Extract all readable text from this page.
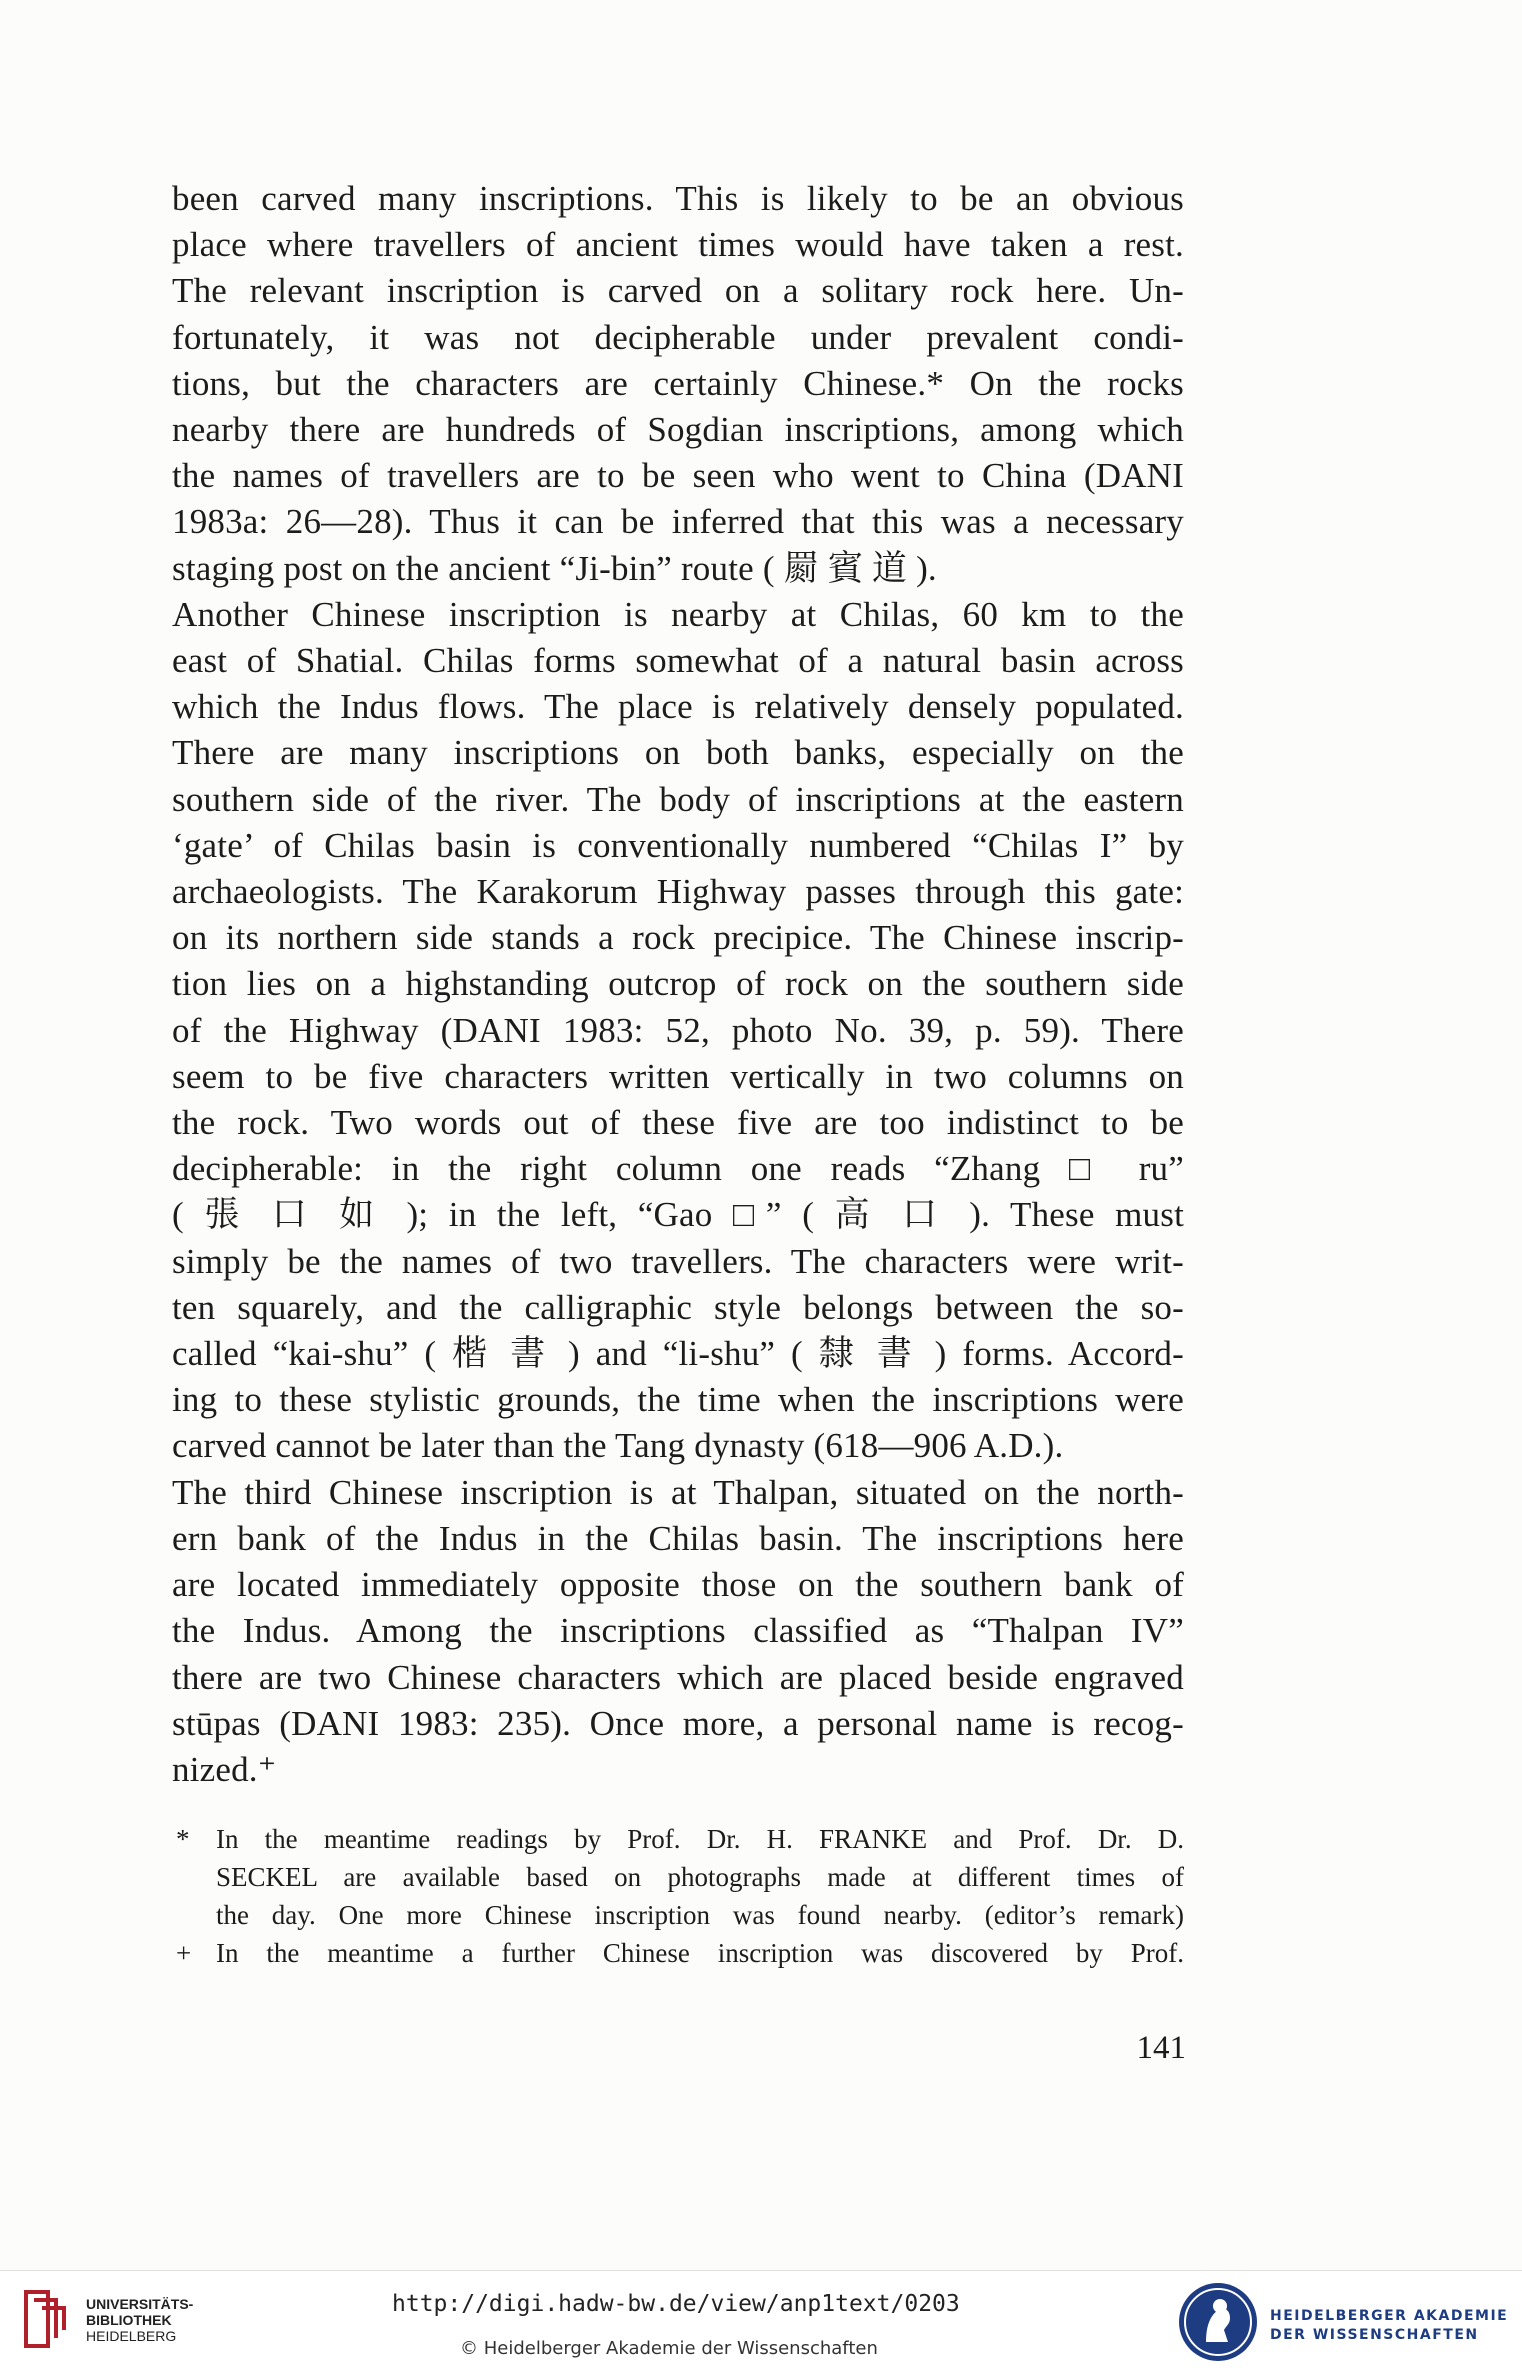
been carved many inscriptions. This is likely to be an obvious
place where travellers of ancient times would have taken a rest.
The relevant inscription is carved on a solitary rock here. Un-
fortunately, it was not decipherable under prevalent condi-
tions, but the characters are certainly Chinese.* On the rocks
nearby there are hundreds of Sogdian inscriptions, among which
the names of travellers are to be seen who went to China (DANI
1983a: 26—28). Thus it can be inferred that this was a necessary
staging post on the ancient “Ji-bin” route ( 罽 賓 道 ).
Another Chinese inscription is nearby at Chilas, 60 km to the
east of Shatial. Chilas forms somewhat of a natural basin across
which the Indus flows. The place is relatively densely populated.
There are many inscriptions on both banks, especially on the
southern side of the river. The body of inscriptions at the eastern
‘gate’ of Chilas basin is conventionally numbered “Chilas I” by
archaeologists. The Karakorum Highway passes through this gate:
on its northern side stands a rock precipice. The Chinese inscrip-
tion lies on a highstanding outcrop of rock on the southern side
of the Highway (DANI 1983: 52, photo No. 39, p. 59). There
seem to be five characters written vertically in two columns on
the rock. Two words out of these five are too indistinct to be
decipherable: in the right column one reads “Zhang □ ru”
( 張 口 如 ); in the left, “Gao □” ( 高 口 ). These must
simply be the names of two travellers. The characters were writ-
ten squarely, and the calligraphic style belongs between the so-
called “kai-shu” ( 楷 書 ) and “li-shu” ( 隸 書 ) forms. Accord-
ing to these stylistic grounds, the time when the inscriptions were
carved cannot be later than the Tang dynasty (618—906 A.D.).
The third Chinese inscription is at Thalpan, situated on the north-
ern bank of the Indus in the Chilas basin. The inscriptions here
are located immediately opposite those on the southern bank of
the Indus. Among the inscriptions classified as “Thalpan IV”
there are two Chinese characters which are placed beside engraved
stūpas (DANI 1983: 235). Once more, a personal name is recog-
nized.⁺
* In the meantime readings by Prof. Dr. H. FRANKE and Prof. Dr. D.
SECKEL are available based on photographs made at different times of
the day. One more Chinese inscription was found nearby. (editor’s remark)
+ In the meantime a further Chinese inscription was discovered by Prof.
141
UNIVERSITÄTS-
BIBLIOTHEK
HEIDELBERG
http://digi.hadw-bw.de/view/anp1text/0203
© Heidelberger Akademie der Wissenschaften
HEIDELBERGER AKADEMIE
DER WISSENSCHAFTEN
